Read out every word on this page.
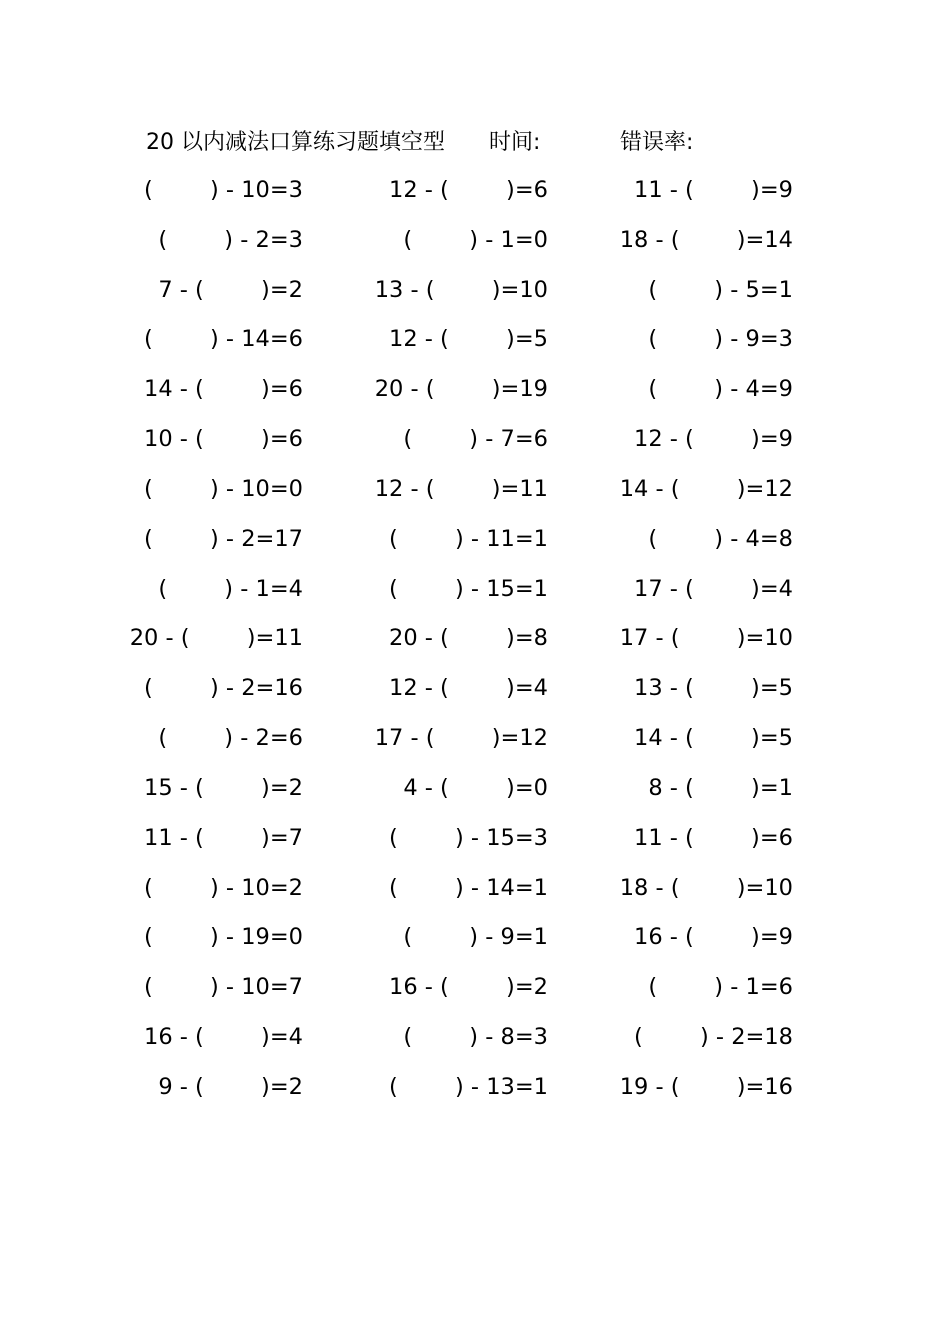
20 以内减法口算练习题填空型 时间:	错误率:
(        ) - 10=3	12 - (        )=6	11 - (        )=9
(        ) - 2=3	(        ) - 1=0	18 - (        )=14
7 - (        )=2	13 - (        )=10	(        ) - 5=1
(        ) - 14=6	12 - (        )=5	(        ) - 9=3
14 - (        )=6	20 - (        )=19	(        ) - 4=9
10 - (        )=6	(        ) - 7=6	12 - (        )=9
(        ) - 10=0	12 - (        )=11	14 - (        )=12
(        ) - 2=17	(        ) - 11=1	(        ) - 4=8
(        ) - 1=4	(        ) - 15=1	17 - (        )=4
20 - (        )=11	20 - (        )=8	17 - (        )=10
(        ) - 2=16	12 - (        )=4	13 - (        )=5
(        ) - 2=6	17 - (        )=12	14 - (        )=5
15 - (        )=2	4 - (        )=0	8 - (        )=1
11 - (        )=7	(        ) - 15=3	11 - (        )=6
(        ) - 10=2	(        ) - 14=1	18 - (        )=10
(        ) - 19=0	(        ) - 9=1	16 - (        )=9
(        ) - 10=7	16 - (        )=2	(        ) - 1=6
16 - (        )=4	(        ) - 8=3	(        ) - 2=18
9 - (        )=2	(        ) - 13=1	19 - (        )=16
